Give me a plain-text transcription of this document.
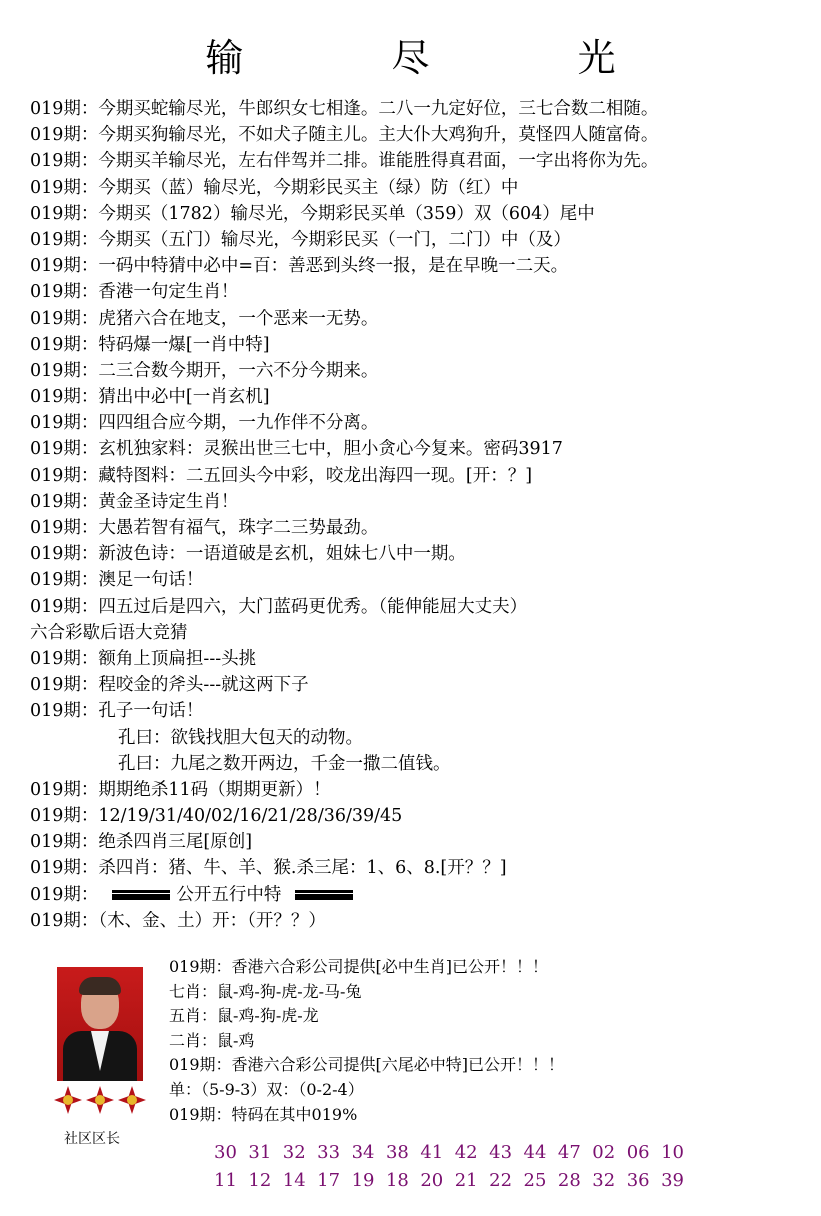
输 尽 光
019期：今期买蛇输尽光，牛郎织女七相逢。二八一九定好位，三七合数二相随。
019期：今期买狗输尽光，不如犬子随主儿。主大仆大鸡狗升，莫怪四人随富倚。
019期：今期买羊输尽光，左右伴驾并二排。谁能胜得真君面，一字出将你为先。
019期：今期买（蓝）输尽光，今期彩民买主（绿）防（红）中
019期：今期买（1782）输尽光，今期彩民买单（359）双（604）尾中
019期：今期买（五门）输尽光，今期彩民买（一门，二门）中（及）
019期：一码中特猜中必中=百：善恶到头终一报，是在早晚一二天。
019期：香港一句定生肖！
019期：虎猪六合在地支，一个恶来一无势。
019期：特码爆一爆[一肖中特]
019期：二三合数今期开，一六不分今期来。
019期：猜出中必中[一肖玄机]
019期：四四组合应今期，一九作伴不分离。
019期：玄机独家料：灵猴出世三七中，胆小贪心今复来。密码3917
019期：藏特图料：二五回头今中彩，咬龙出海四一现。[开：？]
019期：黄金圣诗定生肖！
019期：大愚若智有福气，珠字二三势最劲。
019期：新波色诗：一语道破是玄机，姐妹七八中一期。
019期：澳足一句话！
019期：四五过后是四六，大门蓝码更优秀。（能伸能屈大丈夫）
六合彩歇后语大竞猜
019期：额角上顶扁担---头挑
019期：程咬金的斧头---就这两下子
019期：孔子一句话！
孔曰：欲钱找胆大包天的动物。
孔曰：九尾之数开两边，千金一撒二值钱。
019期：期期绝杀11码（期期更新）！
019期：12/19/31/40/02/16/21/28/36/39/45
019期：绝杀四肖三尾[原创]
019期：杀四肖：猪、牛、羊、猴.杀三尾：1、6、8.[开？？]
019期：	公开五行中特
019期：（木、金、土）开：（开？？）
社区区长
019期：香港六合彩公司提供[必中生肖]已公开！！！
七肖：鼠-鸡-狗-虎-龙-马-兔
五肖：鼠-鸡-狗-虎-龙
二肖：鼠-鸡
019期：香港六合彩公司提供[六尾必中特]已公开！！！
单：（5-9-3）双：（0-2-4）
019期：特码在其中019%
30 31 32 33 34 38 41 42 43 44 47 02 06 10
11 12 14 17 19 18 20 21 22 25 28 32 36 39
